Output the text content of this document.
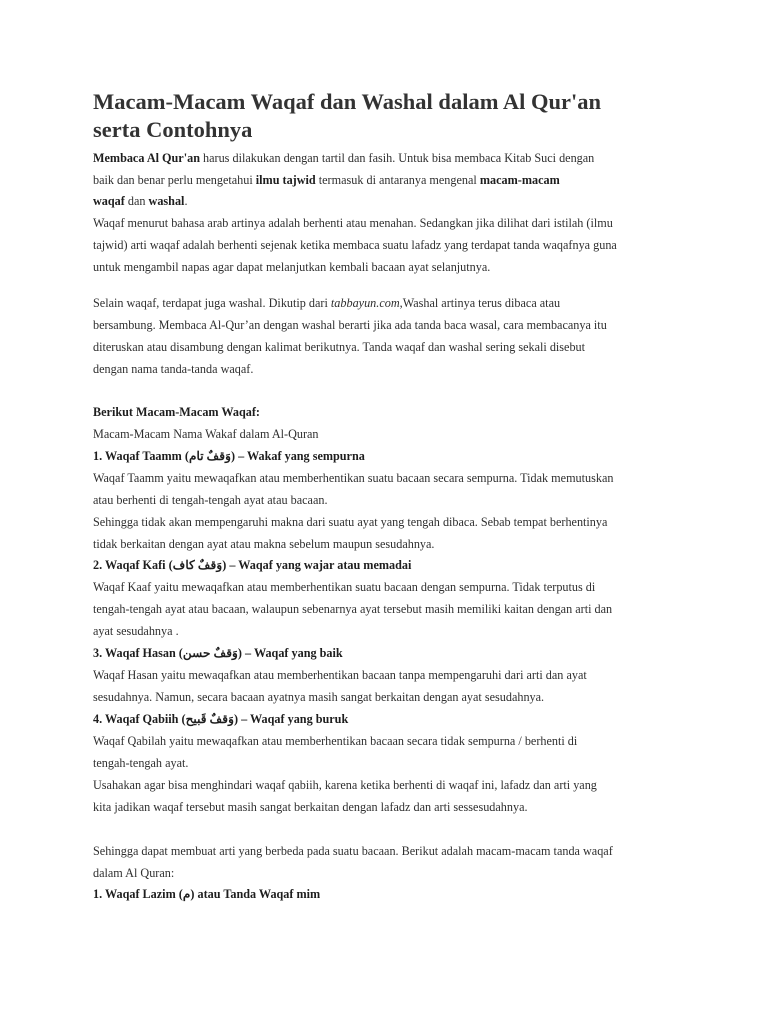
Macam-Macam Waqaf dan Washal dalam Al Qur'an
serta Contohnya

Membaca Al Qur'an harus dilakukan dengan tartil dan fasih. Untuk bisa membaca Kitab Suci dengan

baik dan benar perlu mengetahui ilmu tajwid termasuk di antaranya mengenal macam-macam

waqaf dan washal.

Waqaf menurut bahasa arab artinya adalah berhenti atau menahan. Sedangkan jika dilihat dari istilah (ilmu

tajwid) arti waqaf adalah berhenti sejenak ketika membaca suatu lafadz yang terdapat tanda waqafnya guna

untuk mengambil napas agar dapat melanjutkan kembali bacaan ayat selanjutnya.

Selain waqaf, terdapat juga washal. Dikutip dari tabbayun.com,Washal artinya terus dibaca atau

bersambung. Membaca Al-Qur’an dengan washal berarti jika ada tanda baca wasal, cara membacanya itu

diteruskan atau disambung dengan kalimat berikutnya. Tanda waqaf dan washal sering sekali disebut

dengan nama tanda-tanda waqaf.

Berikut Macam-Macam Waqaf:

Macam-Macam Nama Wakaf dalam Al-Quran

1. Waqaf Taamm (وَقفٌ تام) – Wakaf yang sempurna

Waqaf Taamm yaitu mewaqafkan atau memberhentikan suatu bacaan secara sempurna. Tidak memutuskan

atau berhenti di tengah-tengah ayat atau bacaan.

Sehingga tidak akan mempengaruhi makna dari suatu ayat yang tengah dibaca. Sebab tempat berhentinya

tidak berkaitan dengan ayat atau makna sebelum maupun sesudahnya.

2. Waqaf Kafi (وَقفٌ كاف) – Waqaf yang wajar atau memadai

Waqaf Kaaf yaitu mewaqafkan atau memberhentikan suatu bacaan dengan sempurna. Tidak terputus di

tengah-tengah ayat atau bacaan, walaupun sebenarnya ayat tersebut masih memiliki kaitan dengan arti dan

ayat sesudahnya .

3. Waqaf Hasan (وَقفٌ حسن) – Waqaf yang baik

Waqaf Hasan yaitu mewaqafkan atau memberhentikan bacaan tanpa mempengaruhi dari arti dan ayat

sesudahnya. Namun, secara bacaan ayatnya masih sangat berkaitan dengan ayat sesudahnya.

4. Waqaf Qabiih (وَقفٌ قَبيح) – Waqaf yang buruk

Waqaf Qabilah yaitu mewaqafkan atau memberhentikan bacaan secara tidak sempurna / berhenti di

tengah-tengah ayat.

Usahakan agar bisa menghindari waqaf qabiih, karena ketika berhenti di waqaf ini, lafadz dan arti yang

kita jadikan waqaf tersebut masih sangat berkaitan dengan lafadz dan arti sessesudahnya.

Sehingga dapat membuat arti yang berbeda pada suatu bacaan. Berikut adalah macam-macam tanda waqaf

dalam Al Quran:

1. Waqaf Lazim (م) atau Tanda Waqaf mim
